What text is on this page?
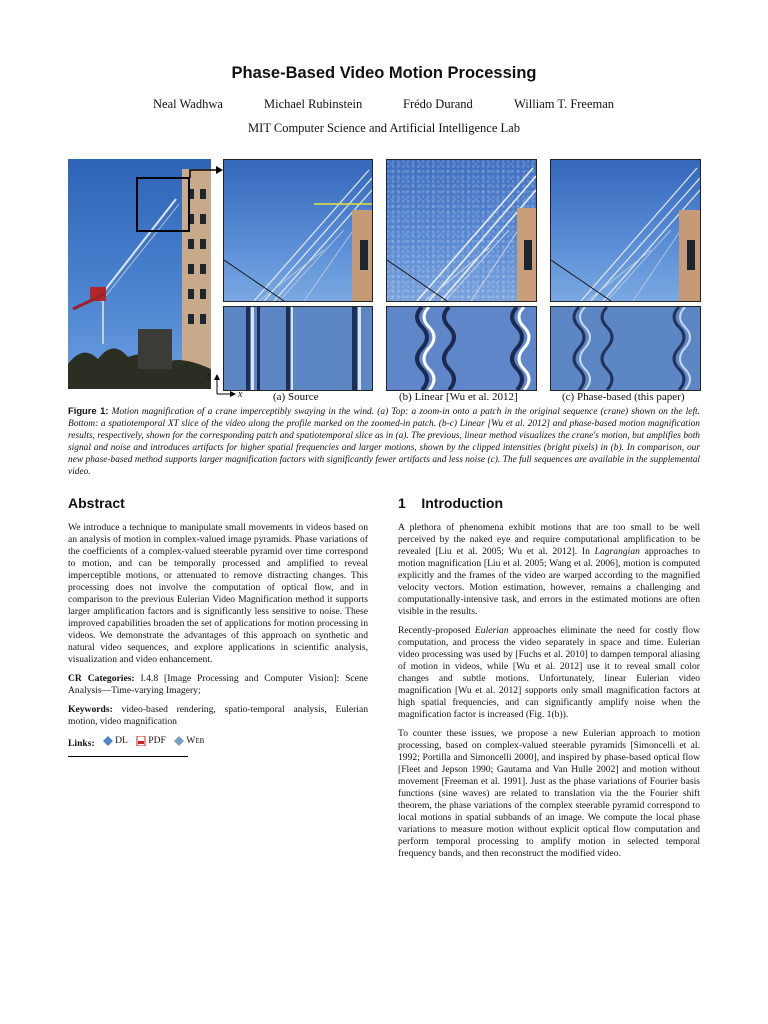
Phase-Based Video Motion Processing
Neal Wadhwa	Michael Rubinstein	Frédo Durand	William T. Freeman
MIT Computer Science and Artificial Intelligence Lab
t
x	(a) Source	(b) Linear [Wu et al. 2012]	(c) Phase-based (this paper)
Figure 1: Motion magnification of a crane imperceptibly swaying in the wind. (a) Top: a zoom-in onto a patch in the original sequence (crane) shown on the left. Bottom: a spatiotemporal XT slice of the video along the profile marked on the zoomed-in patch. (b-c) Linear [Wu et al. 2012] and phase-based motion magnification results, respectively, shown for the corresponding patch and spatiotemporal slice as in (a). The previous, linear method visualizes the crane's motion, but amplifies both signal and noise and introduces artifacts for higher spatial frequencies and larger motions, shown by the clipped intensities (bright pixels) in (b). In comparison, our new phase-based method supports larger magnification factors with significantly fewer artifacts and less noise (c). The full sequences are available in the supplemental video.
Abstract

We introduce a technique to manipulate small movements in videos based on an analysis of motion in complex-valued image pyramids. Phase variations of the coefficients of a complex-valued steerable pyramid over time correspond to motion, and can be temporally processed and amplified to reveal imperceptible motions, or attenuated to remove distracting changes. This processing does not involve the computation of optical flow, and in comparison to the previous Eulerian Video Magnification method it supports larger amplification factors and is significantly less sensitive to noise. These improved capabilities broaden the set of applications for motion processing in videos. We demonstrate the advantages of this approach on synthetic and natural video sequences, and explore applications in scientific analysis, visualization and video enhancement.

CR Categories: I.4.8 [Image Processing and Computer Vision]: Scene Analysis—Time-varying Imagery;

Keywords: video-based rendering, spatio-temporal analysis, Eulerian motion, video magnification

Links: DL
PDF
Web
1 Introduction

A plethora of phenomena exhibit motions that are too small to be well perceived by the naked eye and require computational amplification to be revealed [Liu et al. 2005; Wu et al. 2012]. In Lagrangian approaches to motion magnification [Liu et al. 2005; Wang et al. 2006], motion is computed explicitly and the frames of the video are warped according to the magnified velocity vectors. Motion estimation, however, remains a challenging and computationally-intensive task, and errors in the estimated motions are often visible in the results.

Recently-proposed Eulerian approaches eliminate the need for costly flow computation, and process the video separately in space and time. Eulerian video processing was used by [Fuchs et al. 2010] to dampen temporal aliasing of motion in videos, while [Wu et al. 2012] use it to reveal small color changes and subtle motions. Unfortunately, linear Eulerian video magnification [Wu et al. 2012] supports only small magnification factors at high spatial frequencies, and can significantly amplify noise when the magnification factor is increased (Fig. 1(b)).

To counter these issues, we propose a new Eulerian approach to motion processing, based on complex-valued steerable pyramids [Simoncelli et al. 1992; Portilla and Simoncelli 2000], and inspired by phase-based optical flow [Fleet and Jepson 1990; Gautama and Van Hulle 2002] and motion without movement [Freeman et al. 1991]. Just as the phase variations of Fourier basis functions (sine waves) are related to translation via the the Fourier shift theorem, the phase variations of the complex steerable pyramid correspond to local motions in spatial subbands of an image. We compute the local phase variations to measure motion without explicit optical flow computation and perform temporal processing to amplify motion in selected temporal frequency bands, and then reconstruct the modified video.
